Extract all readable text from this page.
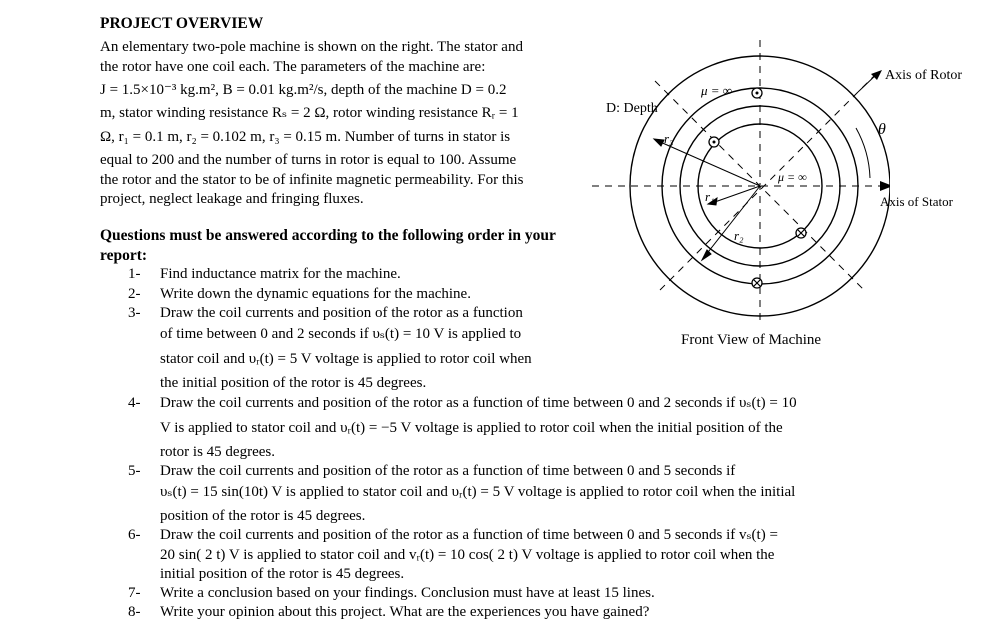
PROJECT OVERVIEW
An elementary two-pole machine is shown on the right. The stator and
the rotor have one coil each. The parameters of the machine are:
J = 1.5×10⁻³ kg.m², B = 0.01 kg.m²/s, depth of the machine D = 0.2
m, stator winding resistance Rₛ = 2 Ω, rotor winding resistance Rᵣ = 1
Ω, r₁ = 0.1 m, r₂ = 0.102 m, r₃ = 0.15 m. Number of turns in stator is
equal to 200 and the number of turns in rotor is equal to 100. Assume
the rotor and the stator to be of infinite magnetic permeability. For this
project, neglect leakage and fringing fluxes.
Questions must be answered according to the following order in your report:
1- Find inductance matrix for the machine.
2- Write down the dynamic equations for the machine.
3- Draw the coil currents and position of the rotor as a function
of time between 0 and 2 seconds if υₛ(t) = 10 V is applied to
stator coil and υᵣ(t) = 5 V voltage is applied to rotor coil when
the initial position of the rotor is 45 degrees.
4- Draw the coil currents and position of the rotor as a function of time between 0 and 2 seconds if υₛ(t) = 10
V is applied to stator coil and υᵣ(t) = −5 V voltage is applied to rotor coil when the initial position of the
rotor is 45 degrees.
5- Draw the coil currents and position of the rotor as a function of time between 0 and 5 seconds if
υₛ(t) = 15 sin(10t) V is applied to stator coil and υᵣ(t) = 5 V voltage is applied to rotor coil when the initial
position of the rotor is 45 degrees.
6- Draw the coil currents and position of the rotor as a function of time between 0 and 5 seconds if vₛ(t) =
20 sin( 2 t) V is applied to stator coil and vᵣ(t) = 10 cos( 2 t) V voltage is applied to rotor coil when the
initial position of the rotor is 45 degrees.
7- Write a conclusion based on your findings. Conclusion must have at least 15 lines.
8- Write your opinion about this project. What are the experiences you have gained?
D: Depth
μ = ∞
μ = ∞
r₁
r₂
r₃
Axis of Rotor
θ
Axis of Stator
Front View of Machine
